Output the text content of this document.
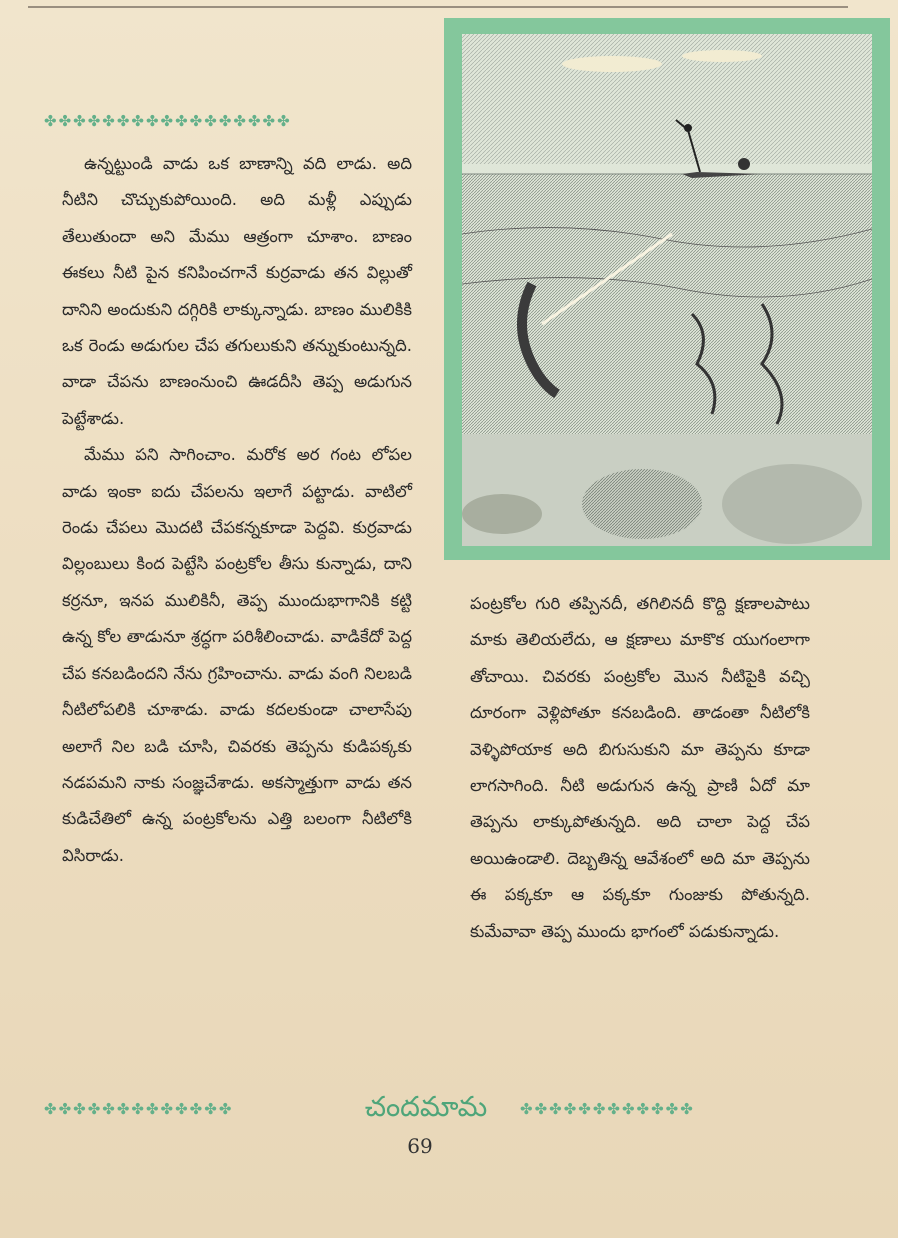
✤✤✤✤✤✤✤✤✤✤✤✤✤✤✤✤✤

ఉన్నట్టుండి వాడు ఒక బాణాన్ని వది లాడు. అది నీటిని చొచ్చుకుపోయింది. అది మళ్లీ ఎప్పుడు తేలుతుందా అని మేము ఆత్రంగా చూశాం. బాణం ఈకలు నీటి పైన కనిపించగానే కుర్రవాడు తన విల్లుతో దానిని అందుకుని దగ్గిరికి లాక్కున్నాడు. బాణం ములికికి ఒక రెండు అడుగుల చేప తగులుకుని తన్నుకుంటున్నది. వాడా చేపను బాణంనుంచి ఊడదీసి తెప్ప అడుగున పెట్టేశాడు.

మేము పని సాగించాం. మరోక అర గంట లోపల వాడు ఇంకా ఐదు చేపలను ఇలాగే పట్టాడు. వాటిలో రెండు చేపలు మొదటి చేపకన్నకూడా పెద్దవి. కుర్రవాడు విల్లంబులు కింద పెట్టేసి పంట్రకోల తీసు కున్నాడు, దాని కర్రనూ, ఇనప ములికినీ, తెప్ప ముందుభాగానికి కట్టి ఉన్న కోల తాడునూ శ్రద్ధగా పరిశీలించాడు. వాడికేదో పెద్ద చేప కనబడిందని నేను గ్రహించాను. వాడు వంగి నిలబడి నీటిలోపలికి చూశాడు. వాడు కదలకుండా చాలాసేపు అలాగే నిల బడి చూసి, చివరకు తెప్పను కుడిపక్కకు నడపమని నాకు సంజ్ఞచేశాడు. అకస్మాత్తుగా వాడు తన కుడిచేతిలో ఉన్న పంట్రకోలను ఎత్తి బలంగా నీటిలోకి విసిరాడు.

పంట్రకోల గురి తప్పినదీ, తగిలినదీ కొద్ది క్షణాలపాటు మాకు తెలియలేదు, ఆ క్షణాలు మాకొక యుగంలాగా తోచాయి. చివరకు పంట్రకోల మొన నీటిపైకి వచ్చి దూరంగా వెళ్లిపోతూ కనబడింది. తాడంతా నీటిలోకి వెళ్ళిపోయాక అది బిగుసుకుని మా తెప్పను కూడా లాగసాగింది. నీటి అడుగున ఉన్న ప్రాణి ఏదో మా తెప్పను లాక్కుపోతున్నది. అది చాలా పెద్ద చేప అయిఉండాలి. దెబ్బతిన్న ఆవేశంలో అది మా తెప్పను ఈ పక్కకూ ఆ పక్కకూ గుంజుకు పోతున్నది. కుమేవావా తెప్ప ముందు భాగంలో పడుకున్నాడు.

✤✤✤✤✤✤✤✤✤✤✤✤✤	చందమామ	✤✤✤✤✤✤✤✤✤✤✤✤
69
